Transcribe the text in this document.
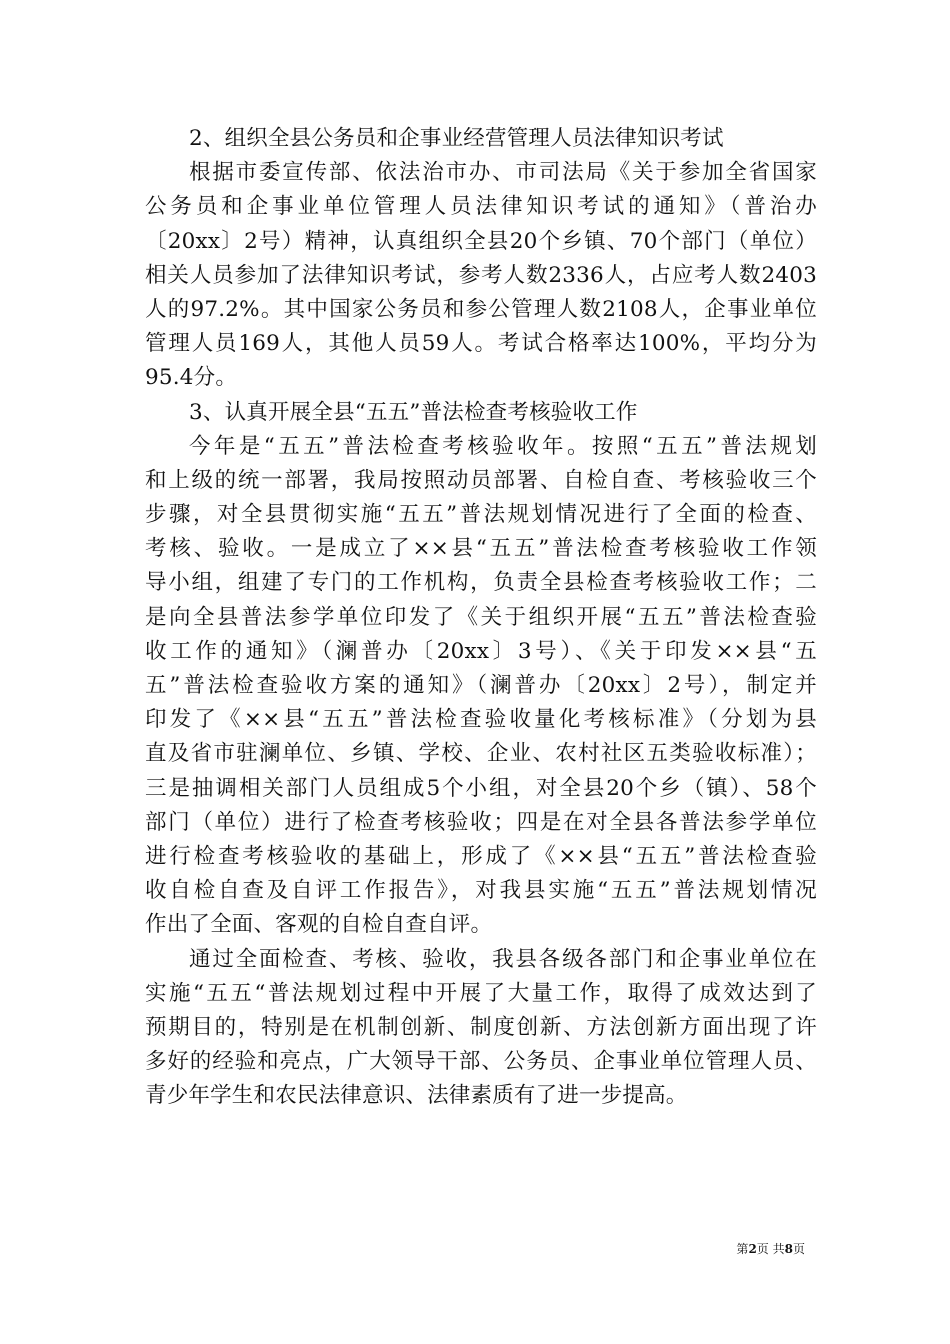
2、组织全县公务员和企事业经营管理人员法律知识考试
根据市委宣传部、依法治市办、市司法局《关于参加全省国家
公务员和企事业单位管理人员法律知识考试的通知》（普治办
〔20xx〕2号）精神，认真组织全县20个乡镇、70个部门（单位）
相关人员参加了法律知识考试，参考人数2336人，占应考人数2403
人的97.2%。其中国家公务员和参公管理人数2108人，企事业单位
管理人员169人，其他人员59人。考试合格率达100%，平均分为
95.4分。
3、认真开展全县“五五”普法检查考核验收工作
今年是“五五”普法检查考核验收年。按照“五五”普法规划
和上级的统一部署，我局按照动员部署、自检自查、考核验收三个
步骤，对全县贯彻实施“五五”普法规划情况进行了全面的检查、
考核、验收。一是成立了××县“五五”普法检查考核验收工作领
导小组，组建了专门的工作机构，负责全县检查考核验收工作；二
是向全县普法参学单位印发了《关于组织开展“五五”普法检查验
收工作的通知》（澜普办〔20xx〕3号）、《关于印发××县“五
五”普法检查验收方案的通知》（澜普办〔20xx〕2号），制定并
印发了《××县“五五”普法检查验收量化考核标准》（分划为县
直及省市驻澜单位、乡镇、学校、企业、农村社区五类验收标准）；
三是抽调相关部门人员组成5个小组，对全县20个乡（镇）、58个
部门（单位）进行了检查考核验收；四是在对全县各普法参学单位
进行检查考核验收的基础上，形成了《××县“五五”普法检查验
收自检自查及自评工作报告》，对我县实施“五五”普法规划情况
作出了全面、客观的自检自查自评。
通过全面检查、考核、验收，我县各级各部门和企事业单位在
实施“五五“普法规划过程中开展了大量工作，取得了成效达到了
预期目的，特别是在机制创新、制度创新、方法创新方面出现了许
多好的经验和亮点，广大领导干部、公务员、企事业单位管理人员、
青少年学生和农民法律意识、法律素质有了进一步提高。
第2页 共8页
